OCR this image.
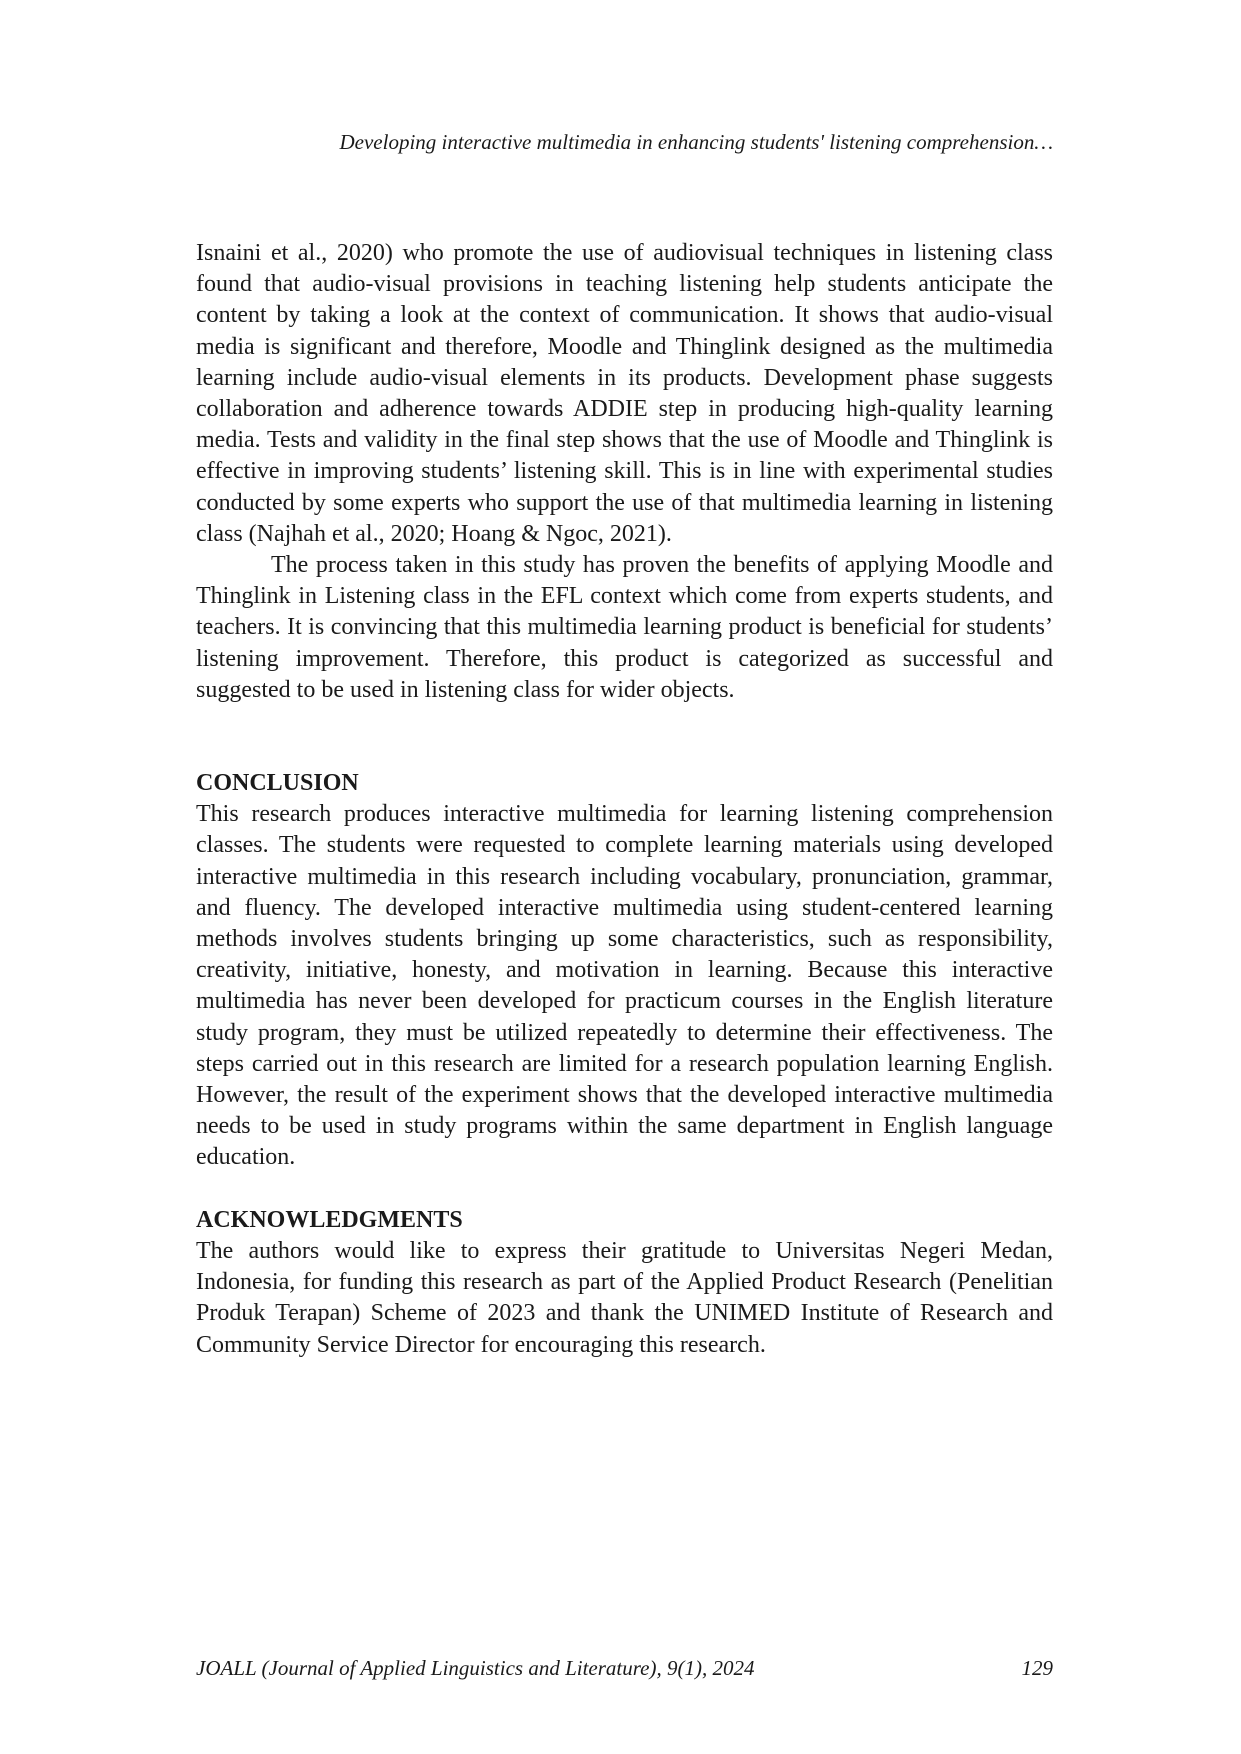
Developing interactive multimedia in enhancing students' listening comprehension…

Isnaini et al., 2020) who promote the use of audiovisual techniques in listening class found that audio-visual provisions in teaching listening help students anticipate the content by taking a look at the context of communication. It shows that audio-visual media is significant and therefore, Moodle and Thinglink designed as the multimedia learning include audio-visual elements in its products. Development phase suggests collaboration and adherence towards ADDIE step in producing high-quality learning media. Tests and validity in the final step shows that the use of Moodle and Thinglink is effective in improving students’ listening skill. This is in line with experimental studies conducted by some experts who support the use of that multimedia learning in listening class (Najhah et al., 2020; Hoang & Ngoc, 2021).

The process taken in this study has proven the benefits of applying Moodle and Thinglink in Listening class in the EFL context which come from experts students, and teachers. It is convincing that this multimedia learning product is beneficial for students’ listening improvement. Therefore, this product is categorized as successful and suggested to be used in listening class for wider objects.

CONCLUSION

This research produces interactive multimedia for learning listening comprehension classes. The students were requested to complete learning materials using developed interactive multimedia in this research including vocabulary, pronunciation, grammar, and fluency. The developed interactive multimedia using student-centered learning methods involves students bringing up some characteristics, such as responsibility, creativity, initiative, honesty, and motivation in learning. Because this interactive multimedia has never been developed for practicum courses in the English literature study program, they must be utilized repeatedly to determine their effectiveness. The steps carried out in this research are limited for a research population learning English. However, the result of the experiment shows that the developed interactive multimedia needs to be used in study programs within the same department in English language education.

ACKNOWLEDGMENTS

The authors would like to express their gratitude to Universitas Negeri Medan, Indonesia, for funding this research as part of the Applied Product Research (Penelitian Produk Terapan) Scheme of 2023 and thank the UNIMED Institute of Research and Community Service Director for encouraging this research.

JOALL (Journal of Applied Linguistics and Literature), 9(1), 2024	129
